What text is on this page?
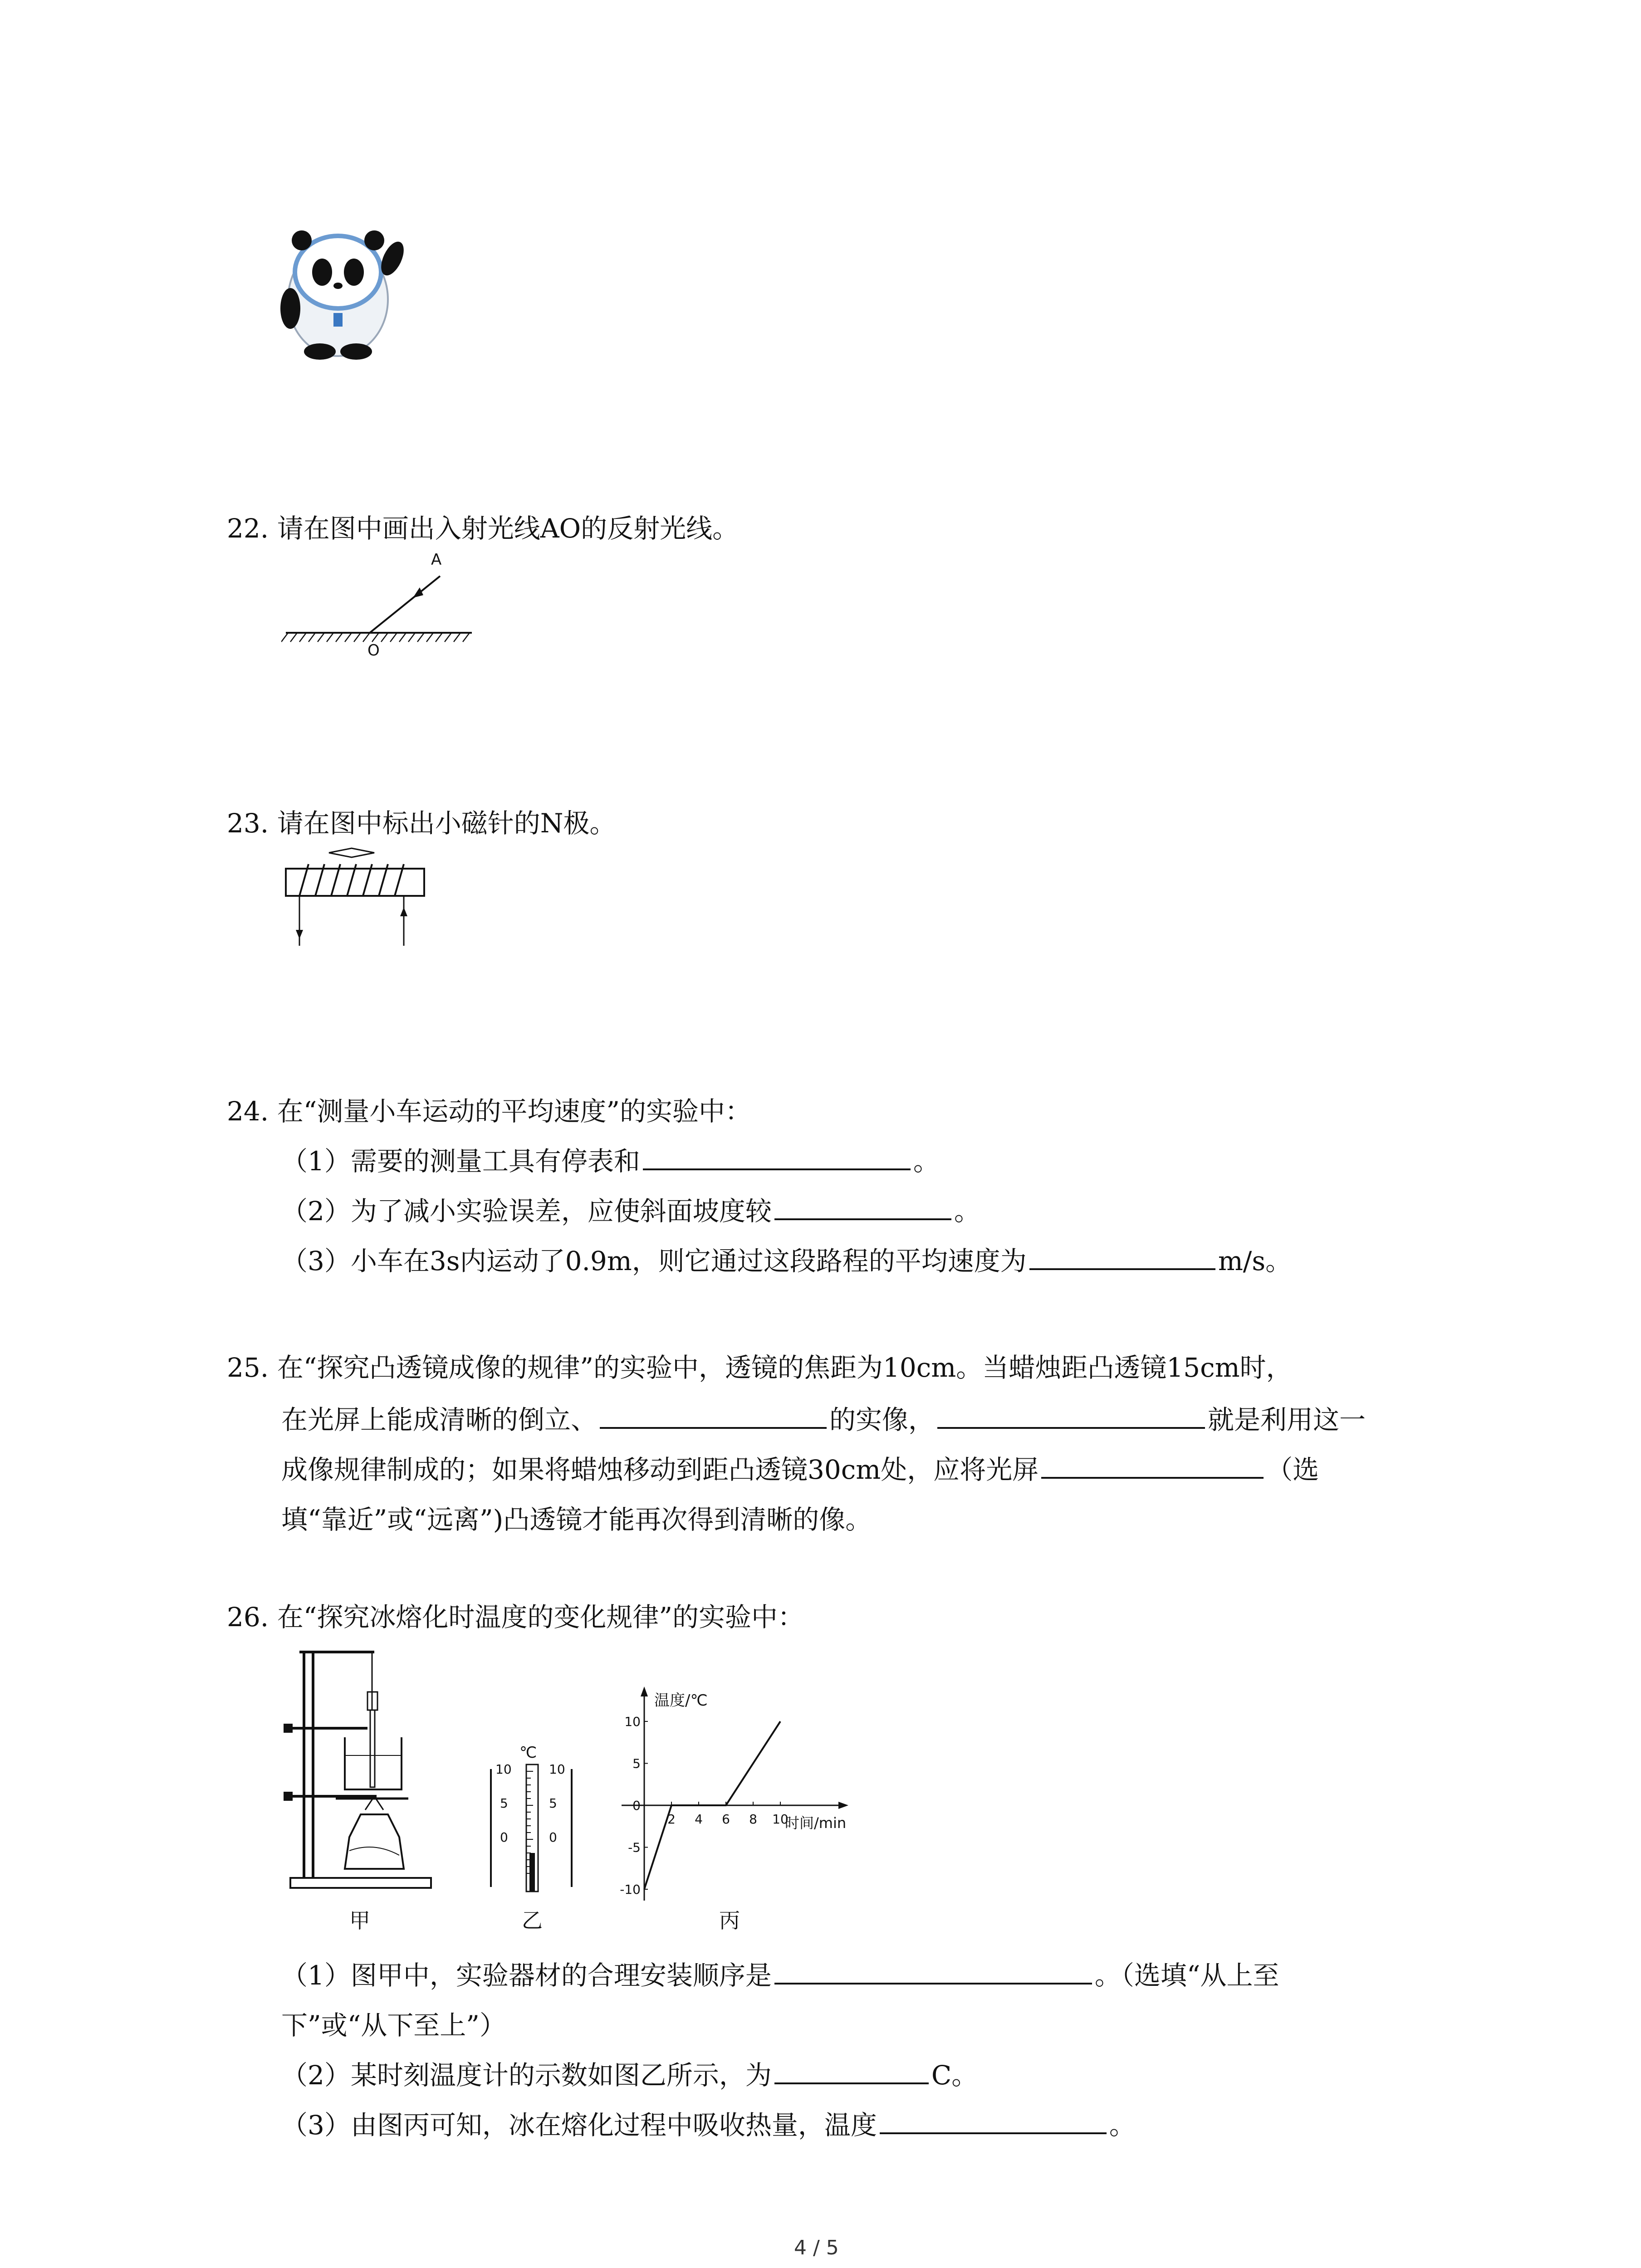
22. 请在图中画出入射光线AO的反射光线。
A
O
23. 请在图中标出小磁针的N极。
24. 在“测量小车运动的平均速度”的实验中：
（1）需要的测量工具有停表和	。
（2）为了减小实验误差，应使斜面坡度较	。
（3）小车在3s内运动了0.9m，则它通过这段路程的平均速度为	m/s。
25. 在“探究凸透镜成像的规律”的实验中，透镜的焦距为10cm。当蜡烛距凸透镜15cm时，
在光屏上能成清晰的倒立、	的实像，	就是利用这一
成像规律制成的；如果将蜡烛移动到距凸透镜30cm处，应将光屏	（选
填“靠近”或“远离”)凸透镜才能再次得到清晰的像。
26. 在“探究冰熔化时温度的变化规律”的实验中：
甲
℃
10
5
0
10
5
0
乙
温度/℃
时间/min
10
5
0
-5
-10
2 4 6 8 10
丙
（1）图甲中，实验器材的合理安装顺序是	。（选填“从上至
下”或“从下至上”）
（2）某时刻温度计的示数如图乙所示，为	C。
（3）由图丙可知，冰在熔化过程中吸收热量，温度	。
4 / 5
